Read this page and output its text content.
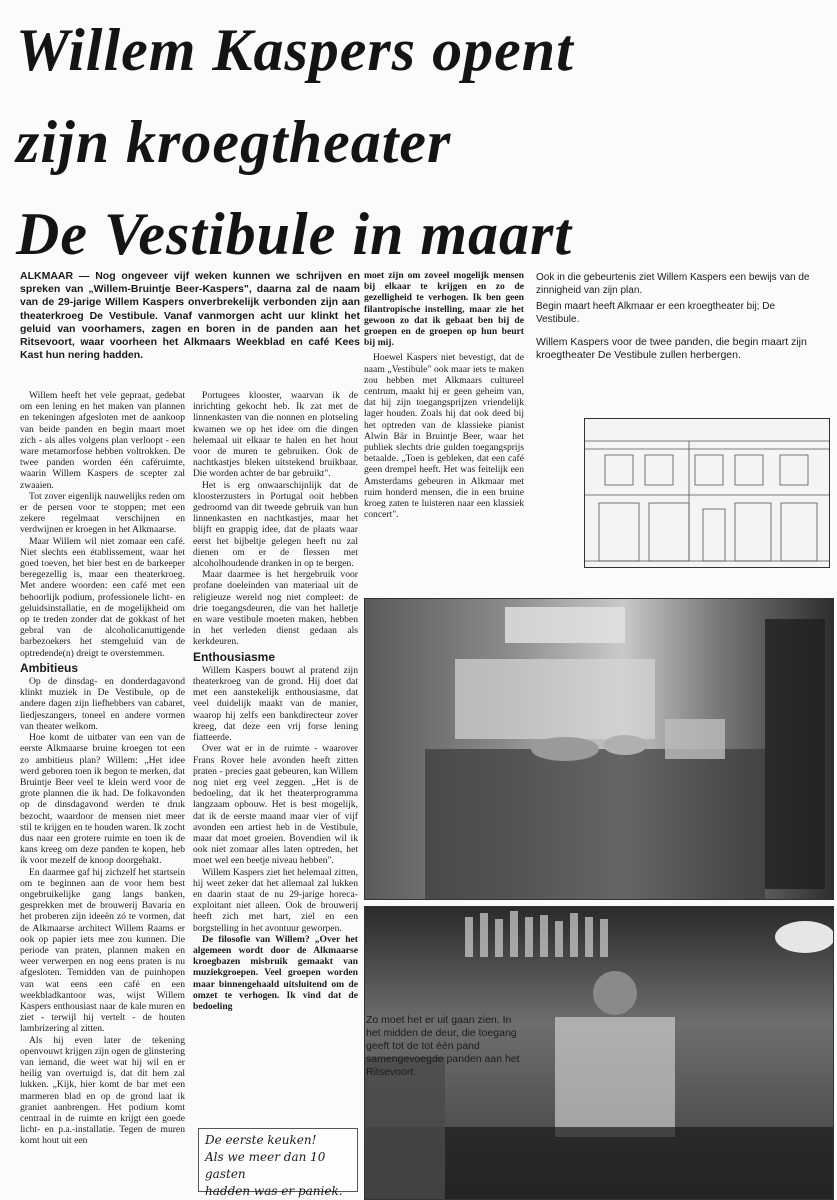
Willem Kaspers opent
zijn kroegtheater
De Vestibule in maart
ALKMAAR — Nog ongeveer vijf weken kunnen we schrijven en spreken van „Willem-Bruintje Beer-Kaspers", daarna zal de naam van de 29-jarige Willem Kaspers onverbrekelijk verbonden zijn aan theaterkroeg De Vestibule. Vanaf vanmorgen acht uur klinkt het geluid van voorhamers, zagen en boren in de panden aan het Ritsevoort, waar voorheen het Alkmaars Weekblad en café Kees Kast hun nering hadden.

Willem heeft het vele gepraat, gedebat om een lening en het maken van plannen en tekeningen afgesloten met de aankoop van beide panden en begin maart moet zich - als alles volgens plan verloopt - een ware metamorfose hebben voltrokken. De twee panden worden één caféruimte, waarin Willem Kaspers de scepter zal zwaaien.

Tot zover eigenlijk nauwelijks reden om er de persen voor te stoppen; met een zekere regelmaat verschijnen en verdwijnen er kroegen in het Alkmaarse.

Maar Willem wil niet zomaar een café. Niet slechts een établissement, waar het goed toeven, het bier best en de barkeeper beregezellig is, maar een theaterkroeg. Met andere woorden: een café met een behoorlijk podium, professionele licht- en geluidsinstallatie, en de mogelijkheid om op te treden zonder dat de gokkast of het gebral van de alcoholicanuttigende barbezoekers het stemgeluid van de optredende(n) dreigt te overstemmen.

Ambitieus

Op de dinsdag- en donderdagavond klinkt muziek in De Vestibule, op de andere dagen zijn liefhebbers van cabaret, liedjeszangers, toneel en andere vormen van theater welkom.

Hoe komt de uitbater van een van de eerste Alkmaarse bruine kroegen tot een zo ambitieus plan? Willem: „Het idee werd geboren toen ik begon te merken, dat Bruintje Beer veel te klein werd voor de grote plannen die ik had. De folkavonden op de dinsdagavond werden te druk bezocht, waardoor de mensen niet meer stil te krijgen en te houden waren. Ik zocht dus naar een grotere ruimte en toen ik de kans kreeg om deze panden te kopen, heb ik voor mezelf de knoop doorgehakt.

En daarmee gaf hij zichzelf het startsein om te beginnen aan de voor hem best ongebruikelijke gang langs banken, gesprekken met de brouwerij Bavaria en het proberen zijn ideeën zó te vormen, dat de Alkmaarse architect Willem Raams er ook op papier iets mee zou kunnen. Die periode van praten, plannen maken en weer verwerpen en nog eens praten is nu afgesloten. Temidden van de puinhopen van wat eens een café en een weekbladkantoor was, wijst Willem Kaspers enthousiast naar de kale muren en ziet - terwijl hij vertelt - de houten lambrizering al zitten.

Als hij even later de tekening openvouwt krijgen zijn ogen de glinstering van iemand, die weet wat hij wil en er heilig van overtuigd is, dat dit hem zal lukken. „Kijk, hier komt de bar met een marmeren blad en op de grond laat ik graniet aanbrengen. Het podium komt centraal in de ruimte en krijgt een goede licht- en p.a.-installatie. Tegen de muren komt hout uit een

Portugees klooster, waarvan ik de inrichting gekocht heb. Ik zat met de linnenkasten van die nonnen en plotseling kwamen we op het idee om die dingen helemaal uit elkaar te halen en het hout voor de muren te gebruiken. Ook de nachtkastjes bleken uitstekend bruikbaar. Die worden achter de bar gebruikt".

Het is erg onwaarschijnlijk dat de kloosterzusters in Portugal ooit hebben gedroomd van dit tweede gebruik van hun linnenkasten en nachtkastjes, maar het blijft en grappig idee, dat de plaats waar eerst het bijbeltje gelegen heeft nu zal dienen om er de flessen met alcoholhoudende dranken in op te bergen.

Maar daarmee is het hergebruik voor profane doeleinden van materiaal uit de religieuze wereld nog niet compleet: de drie toegangsdeuren, die van het halletje en ware vestibule moeten maken, hebben in het verleden dienst gedaan als kerkdeuren.

Enthousiasme

Willem Kaspers bouwt al pratend zijn theaterkroeg van de grond. Hij doet dat met een aanstekelijk enthousiasme, dat veel duidelijk maakt van de manier, waarop hij zelfs een bankdirecteur zover kreeg, dat deze een vrij forse lening fiatteerde.

Over wat er in de ruimte - waarover Frans Rover hele avonden heeft zitten praten - precies gaat gebeuren, kan Willem nog niet erg veel zeggen. „Het is de bedoeling, dat ik het theaterprogramma langzaam opbouw. Het is best mogelijk, dat ik de eerste maand maar vier of vijf avonden een artiest heb in de Vestibule, maar dat moet groeien. Bovendien wil ik ook niet zomaar alles laten optreden, het moet wel een beetje niveau hebben".

Willem Kaspers ziet het helemaal zitten, hij weet zeker dat het allemaal zal lukken en daarin staat de nu 29-jarige horeca-exploitant niet alleen. Ook de brouwerij heeft zich met hart, ziel en een borgstelling in het avontuur geworpen.

De filosofie van Willem? „Over het algemeen wordt door de Alkmaarse kroegbazen misbruik gemaakt van muziekgroepen. Veel groepen worden maar binnengehaald uitsluitend om de omzet te verhogen. Ik vind dat de bedoeling

moet zijn om zoveel mogelijk mensen bij elkaar te krijgen en zo de gezelligheid te verhogen. Ik ben geen filantropische instelling, maar zie het gewoon zo dat ik gebaat ben bij de groepen en de groepen op hun beurt bij mij.

Hoewel Kaspers niet bevestigt, dat de naam „Vestibule" ook maar iets te maken zou hebben met Alkmaars cultureel centrum, maakt hij er geen geheim van, dat hij zijn toegangsprijzen vriendelijk lager houden. Zoals hij dat ook deed bij het optreden van de klassieke pianist Alwin Bär in Bruintje Beer, waar het publiek slechts drie gulden toegangsprijs betaalde. „Toen is gebleken, dat een café geen drempel heeft. Het was feitelijk een Amsterdams gebeuren in Alkmaar met ruim honderd mensen, die in een bruine kroeg zaten te luisteren naar een klassiek concert".

Ook in die gebeurtenis ziet Willem Kaspers een bewijs van de zinnigheid van zijn plan.

Begin maart heeft Alkmaar er een kroegtheater bij; De Vestibule.

Willem Kaspers voor de twee panden, die begin maart zijn kroegtheater De Vestibule zullen herbergen.

Zo moet het er uit gaan zien. In het midden de deur, die toegang geeft tot de tot één pand samengevoegde panden aan het Ritsevoort.
De eerste keuken!
Als we meer dan 10 gasten
hadden was er paniek.
